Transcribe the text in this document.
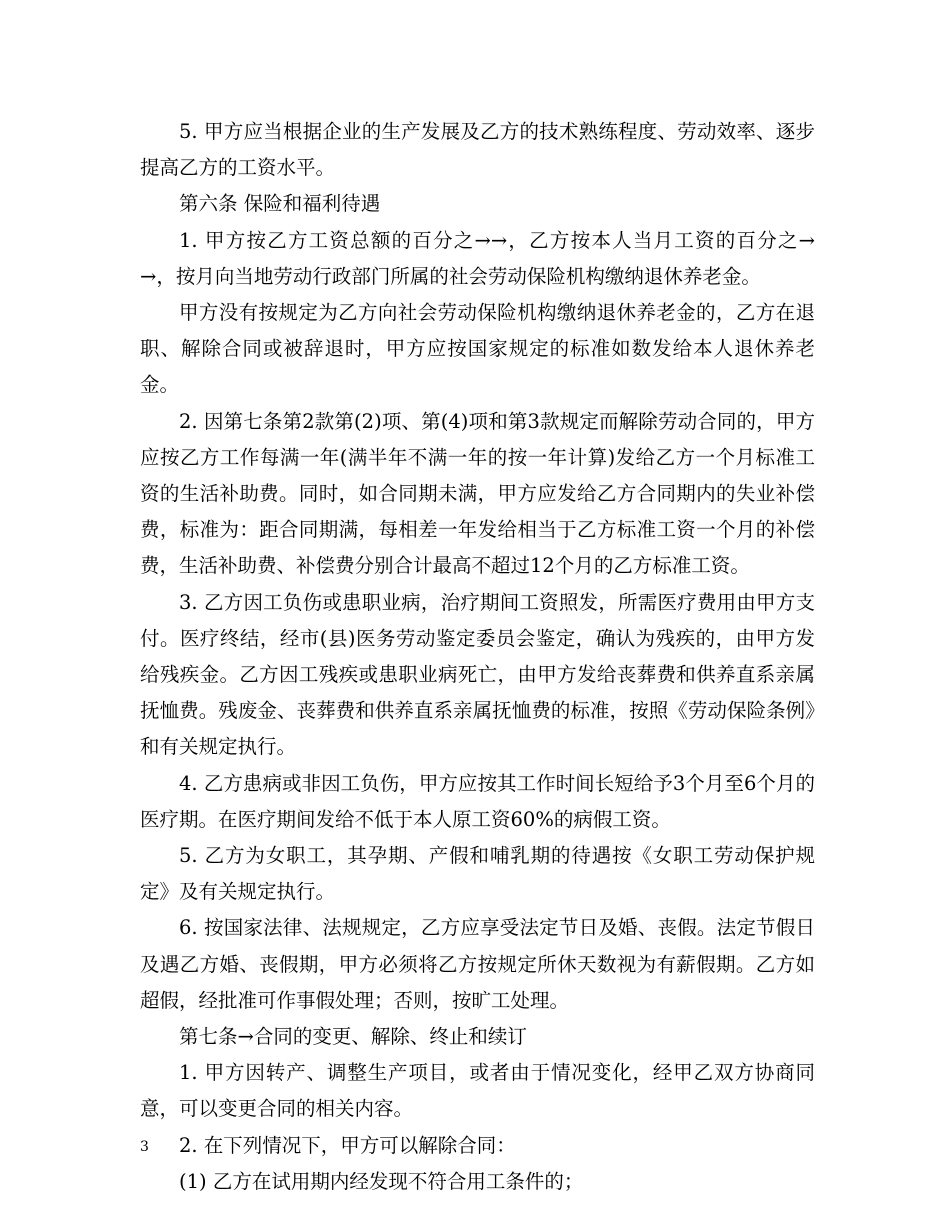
5. 甲方应当根据企业的生产发展及乙方的技术熟练程度、劳动效率、逐步提高乙方的工资水平。

第六条 保险和福利待遇

1. 甲方按乙方工资总额的百分之→→，乙方按本人当月工资的百分之→→，按月向当地劳动行政部门所属的社会劳动保险机构缴纳退休养老金。

甲方没有按规定为乙方向社会劳动保险机构缴纳退休养老金的，乙方在退职、解除合同或被辞退时，甲方应按国家规定的标准如数发给本人退休养老金。

2. 因第七条第2款第(2)项、第(4)项和第3款规定而解除劳动合同的，甲方应按乙方工作每满一年(满半年不满一年的按一年计算)发给乙方一个月标准工资的生活补助费。同时，如合同期未满，甲方应发给乙方合同期内的失业补偿费，标准为：距合同期满，每相差一年发给相当于乙方标准工资一个月的补偿费，生活补助费、补偿费分别合计最高不超过12个月的乙方标准工资。

3. 乙方因工负伤或患职业病，治疗期间工资照发，所需医疗费用由甲方支付。医疗终结，经市(县)医务劳动鉴定委员会鉴定，确认为残疾的，由甲方发给残疾金。乙方因工残疾或患职业病死亡，由甲方发给丧葬费和供养直系亲属抚恤费。残废金、丧葬费和供养直系亲属抚恤费的标准，按照《劳动保险条例》和有关规定执行。

4. 乙方患病或非因工负伤，甲方应按其工作时间长短给予3个月至6个月的医疗期。在医疗期间发给不低于本人原工资60%的病假工资。

5. 乙方为女职工，其孕期、产假和哺乳期的待遇按《女职工劳动保护规定》及有关规定执行。

6. 按国家法律、法规规定，乙方应享受法定节日及婚、丧假。法定节假日及遇乙方婚、丧假期，甲方必须将乙方按规定所休天数视为有薪假期。乙方如超假，经批准可作事假处理；否则，按旷工处理。

第七条→合同的变更、解除、终止和续订

1. 甲方因转产、调整生产项目，或者由于情况变化，经甲乙双方协商同意，可以变更合同的相关内容。

2. 在下列情况下，甲方可以解除合同：

(1) 乙方在试用期内经发现不符合用工条件的；

3
